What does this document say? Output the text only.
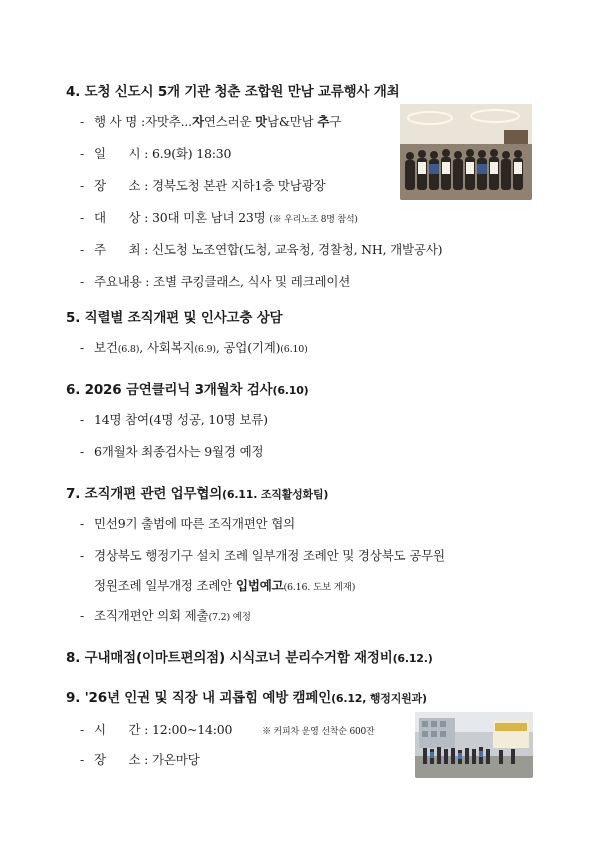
4. 도청 신도시 5개 기관 청춘 조합원 만남 교류행사 개최
- 행 사 명 :자맛추...자연스러운 맛남&만남 추구
- 일      시 : 6.9(화) 18:30
- 장      소 : 경북도청 본관 지하1층 맛남광장
- 대      상 : 30대 미혼 남녀 23명 (※ 우리노조 8명 참석)
- 주      최 : 신도청 노조연합(도청, 교육청, 경찰청, NH, 개발공사)
- 주요내용 : 조별 쿠킹클래스, 식사 및 레크레이션
5. 직렬별 조직개편 및 인사고충 상담
- 보건(6.8), 사회복지(6.9), 공업(기계)(6.10)
6. 2026 금연클리닉 3개월차 검사(6.10)
- 14명 참여(4명 성공, 10명 보류)
- 6개월차 최종검사는 9월경 예정
7. 조직개편 관련 업무협의(6.11. 조직활성화팀)
- 민선9기 출범에 따른 조직개편안 협의
- 경상북도 행정기구 설치 조례 일부개정 조례안 및 경상북도 공무원
정원조례 일부개정 조례안 입법예고(6.16. 도보 게재)
- 조직개편안 의회 제출(7.2) 예정
8. 구내매점(이마트편의점) 시식코너 분리수거함 재정비(6.12.)
9. '26년 인권 및 직장 내 괴롭힘 예방 캠페인(6.12, 행정지원과)
- 시      간 : 12:00~14:00	※ 커피차 운영 선착순 600잔
- 장      소 : 가온마당
